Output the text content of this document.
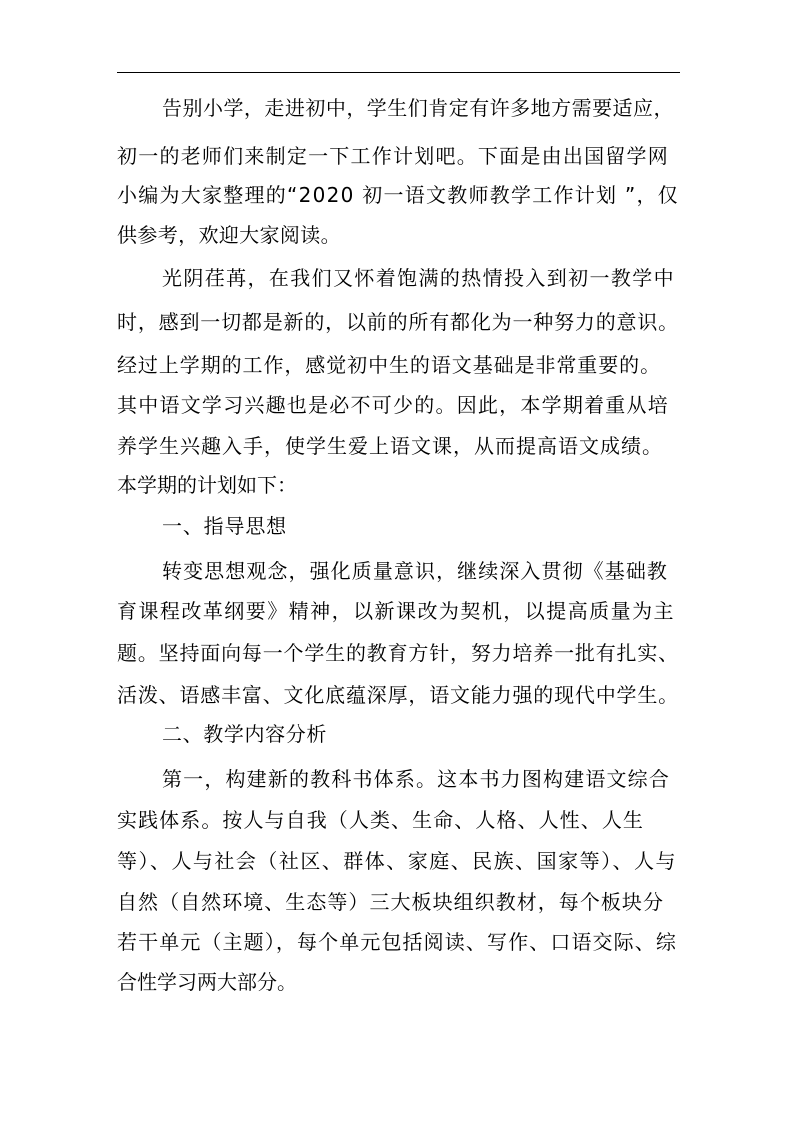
告别小学，走进初中，学生们肯定有许多地方需要适应，
初一的老师们来制定一下工作计划吧。下面是由出国留学网
小编为大家整理的“2020 初一语文教师教学工作计划 ”，仅
供参考，欢迎大家阅读。
光阴荏苒，在我们又怀着饱满的热情投入到初一教学中
时，感到一切都是新的，以前的所有都化为一种努力的意识。
经过上学期的工作，感觉初中生的语文基础是非常重要的。
其中语文学习兴趣也是必不可少的。因此，本学期着重从培
养学生兴趣入手，使学生爱上语文课，从而提高语文成绩。
本学期的计划如下：
一、指导思想
转变思想观念，强化质量意识，继续深入贯彻《基础教
育课程改革纲要》精神，以新课改为契机，以提高质量为主
题。坚持面向每一个学生的教育方针，努力培养一批有扎实、
活泼、语感丰富、文化底蕴深厚，语文能力强的现代中学生。
二、教学内容分析
第一，构建新的教科书体系。这本书力图构建语文综合
实践体系。按人与自我（人类、生命、人格、人性、人生
等）、人与社会（社区、群体、家庭、民族、国家等）、人与
自然（自然环境、生态等）三大板块组织教材，每个板块分
若干单元（主题），每个单元包括阅读、写作、口语交际、综
合性学习两大部分。
